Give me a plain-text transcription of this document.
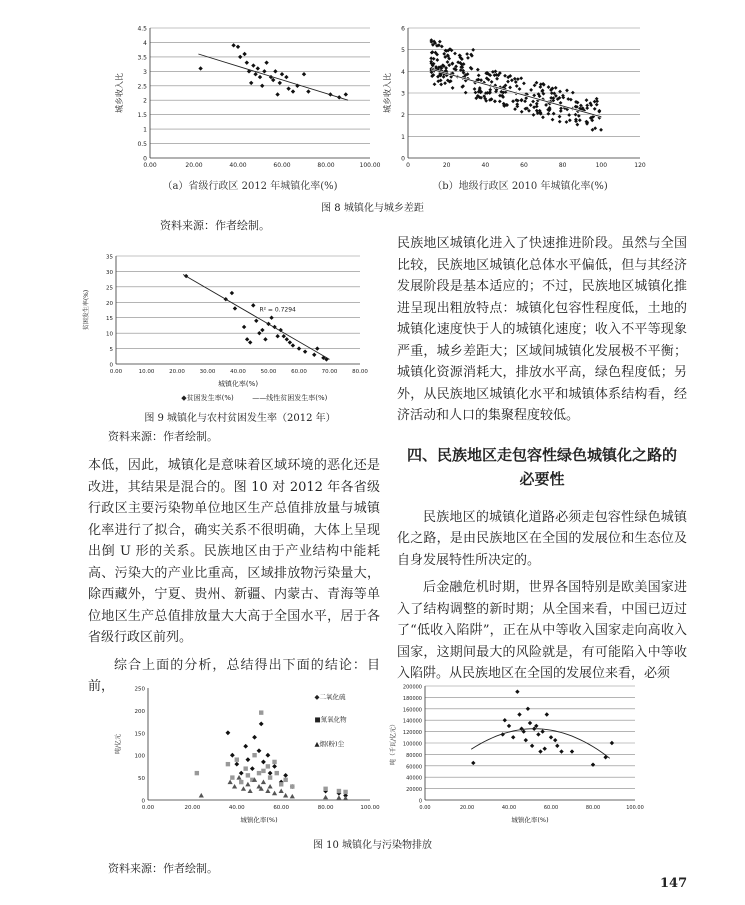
0
0.5
1
1.5
2
2.5
3
3.5
4
4.5
0.00	20.00	40.00	60.00	80.00	100.00
城乡收入比
0
1
2
3
4
5
6
0	20	40	60	80	100	120
城乡收入比
（a）省级行政区 2012 年城镇化率(%)	（b）地级行政区 2010 年城镇化率(%)
图 8 城镇化与城乡差距
资料来源：作者绘制。
0
5
10
15
20
25
30
35
0.00	10.00	20.00	30.00	40.00	50.00	60.00	70.00	80.00
贫困发生率(%)	R² = 0.7294
城镇化率(%)
◆贫困发生率(%)	——线性贫困发生率(%)
图 9 城镇化与农村贫困发生率（2012 年）
资料来源：作者绘制。

民族地区城镇化进入了快速推进阶段。虽然与全国比较，民族地区城镇化总体水平偏低，但与其经济发展阶段是基本适应的；不过，民族地区城镇化推进呈现出粗放特点：城镇化包容性程度低，土地的城镇化速度快于人的城镇化速度；收入不平等现象严重，城乡差距大；区域间城镇化发展极不平衡；城镇化资源消耗大，排放水平高，绿色程度低；另外，从民族地区城镇化水平和城镇体系结构看，经济活动和人口的集聚程度较低。

四、民族地区走包容性绿色城镇化之路的
必要性

民族地区的城镇化道路必须走包容性绿色城镇化之路，是由民族地区在全国的发展位和生态位及自身发展特性所决定的。

后金融危机时期，世界各国特别是欧美国家进入了结构调整的新时期；从全国来看，中国已迈过了“低收入陷阱”，正在从中等收入国家走向高收入国家，这期间最大的风险就是，有可能陷入中等收入陷阱。从民族地区在全国的发展位来看，必须

本低，因此，城镇化是意味着区域环境的恶化还是改进，其结果是混合的。图 10 对 2012 年各省级行政区主要污染物单位地区生产总值排放量与城镇化率进行了拟合，确实关系不很明确，大体上呈现出倒 U 形的关系。民族地区由于产业结构中能耗高、污染大的产业比重高，区域排放物污染量大，除西藏外，宁夏、贵州、新疆、内蒙古、青海等单位地区生产总值排放量大大高于全国水平，居于各省级行政区前列。

综合上面的分析，总结得出下面的结论：目前，

0
50
100
150
200
250
0.00	20.00	40.00	60.00	80.00	100.00
吨/亿元
◆二氧化硫
■氮氧化物
▲烟(粉)尘
城镇化率(%)
0
20000
40000
60000
80000
100000
120000
140000
160000
180000
200000
0.00	20.00	40.00	60.00	80.00	100.00
吨（千瓦/亿元）
城镇化率(%)
图 10 城镇化与污染物排放
资料来源：作者绘制。
147
